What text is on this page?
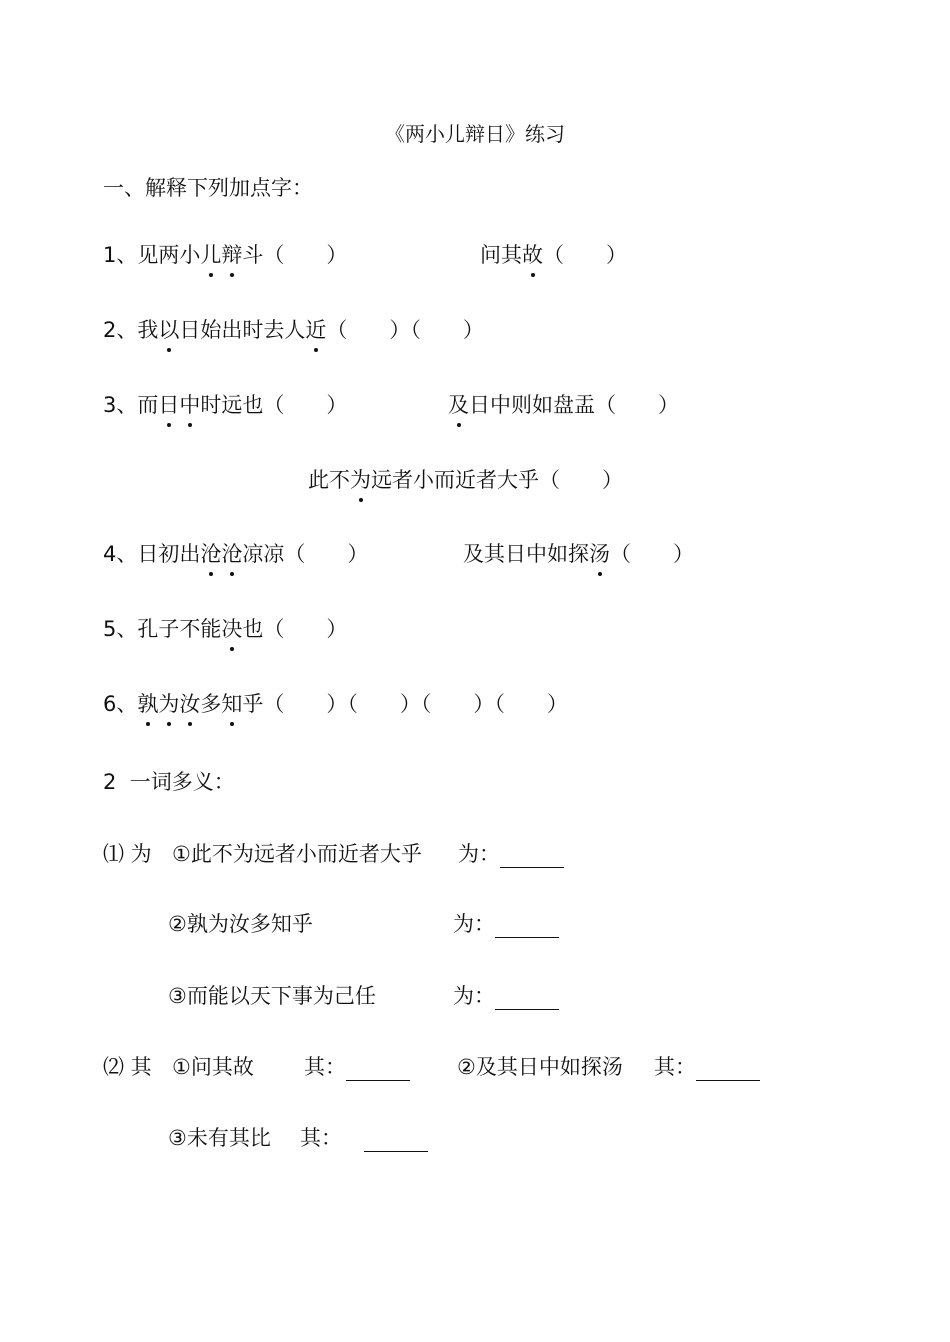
《两小儿辩日》练习
一、解释下列加点字：
1、见两小儿辩斗（　　）	问其故（　　）
2、我以日始出时去人近（　　）（　　）
3、而日中时远也（　　）	及日中则如盘盂（　　）
此不为远者小而近者大乎（　　）
4、日初出沧沧凉凉（　　）	及其日中如探汤（　　）
5、孔子不能决也（　　）
6、孰为汝多知乎（　　）（　　）（　　）（　　）
2  一词多义：
⑴ 为 ①此不为远者小而近者大乎 为：
②孰为汝多知乎	为：
③而能以天下事为己任	为：
⑵ 其 ①问其故 其：	②及其日中如探汤 其：
③未有其比 其：
